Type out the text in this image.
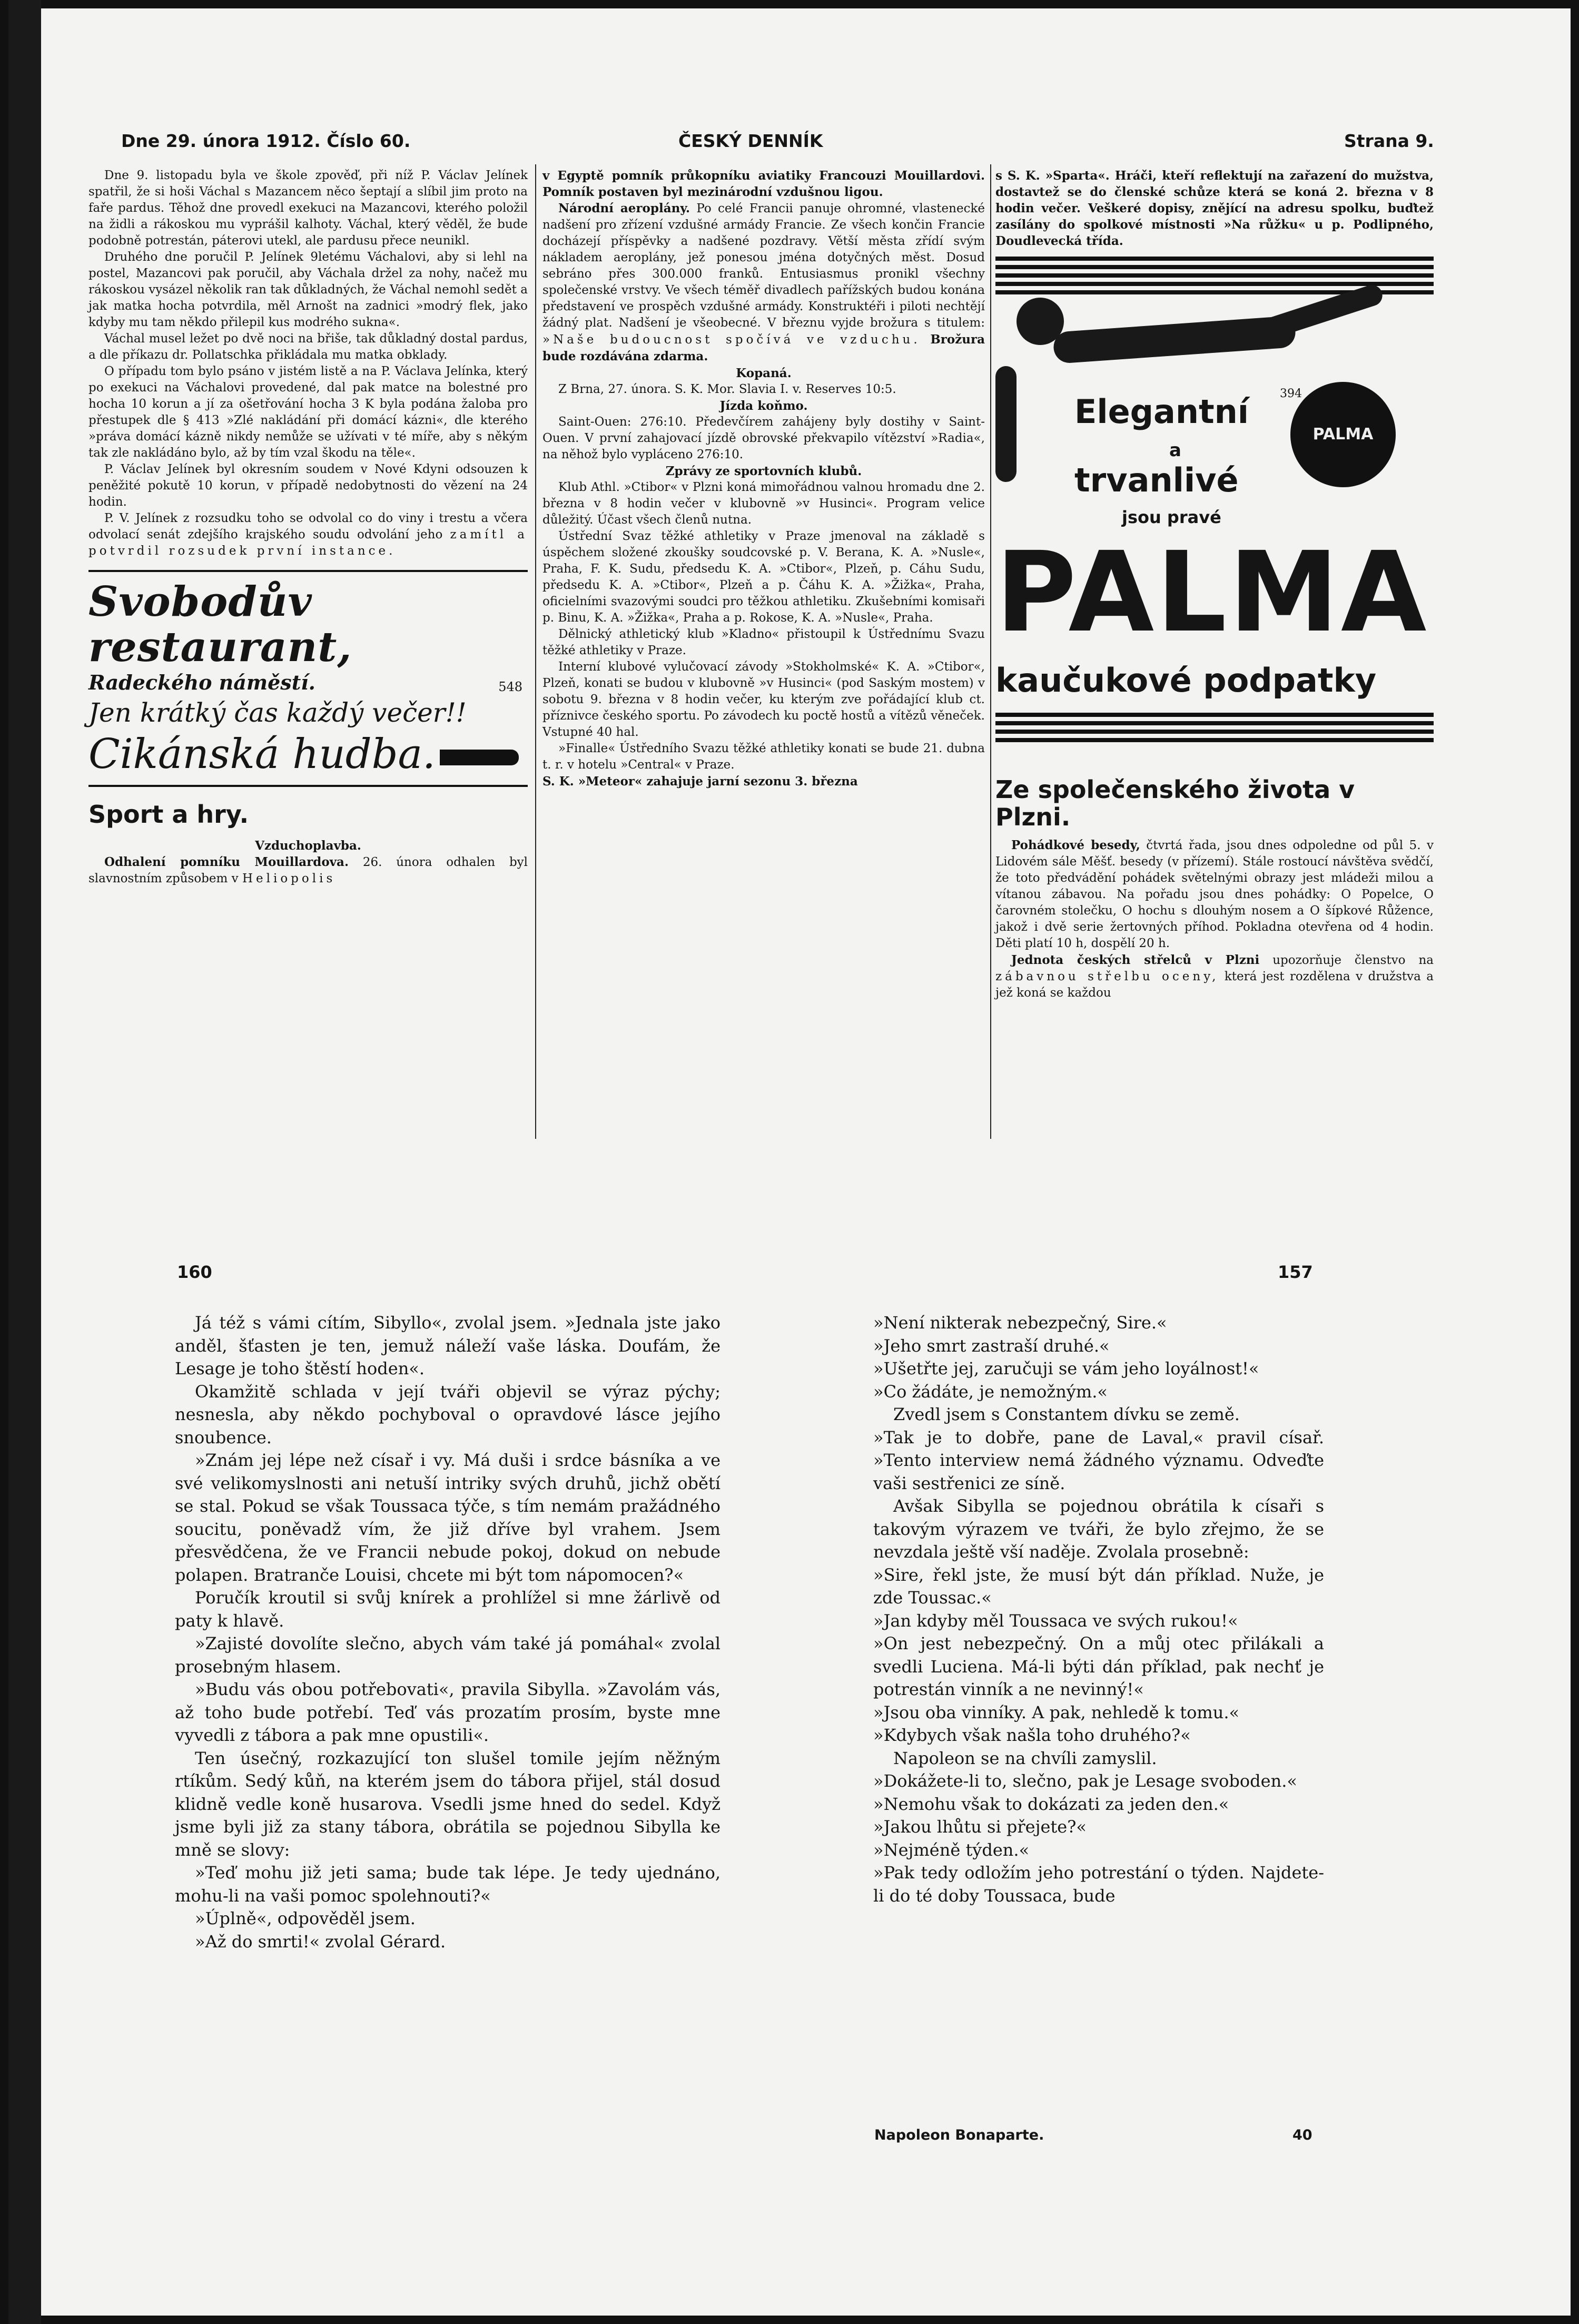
Dne 29. února 1912. Číslo 60.	ČESKÝ DENNÍK	Strana 9.

Dne 9. listopadu byla ve škole zpověď, při níž P. Václav Jelínek spatřil, že si hoši Váchal s Mazancem něco šeptají a slíbil jim proto na faře pardus. Těhož dne provedl exekuci na Mazancovi, kterého položil na židli a rákoskou mu vyprášil kalhoty. Váchal, který věděl, že bude podobně potrestán, páterovi utekl, ale pardusu přece neunikl.

Druhého dne poručil P. Jelínek 9letému Váchalovi, aby si lehl na postel, Mazancovi pak poručil, aby Váchala držel za nohy, načež mu rákoskou vysázel několik ran tak důkladných, že Váchal nemohl sedět a jak matka hocha potvrdila, měl Arnošt na zadnici »modrý flek, jako kdyby mu tam někdo přilepil kus modrého sukna«.

Váchal musel ležet po dvě noci na břiše, tak důkladný dostal pardus, a dle příkazu dr. Pollatschka přikládala mu matka obklady.

O případu tom bylo psáno v jistém listě a na P. Václava Jelínka, který po exekuci na Váchalovi provedené, dal pak matce na bolestné pro hocha 10 korun a jí za ošetřování hocha 3 K byla podána žaloba pro přestupek dle § 413 »Zlé nakládání při domácí kázni«, dle kterého »práva domácí kázně nikdy nemůže se užívati v té míře, aby s někým tak zle nakládáno bylo, až by tím vzal škodu na těle«.

P. Václav Jelínek byl okresním soudem v Nové Kdyni odsouzen k peněžité pokutě 10 korun, v případě nedobytnosti do vězení na 24 hodin.

P. V. Jelínek z rozsudku toho se odvolal co do viny i trestu a včera odvolací senát zdejšího krajského soudu odvolání jeho zamítl a potvrdil rozsudek první instance.

Svobodův restaurant,
Radeckého náměstí.	548
Jen krátký čas každý večer!!
Cikánská hudba.
Sport a hry.
Vzduchoplavba.

Odhalení pomníku Mouillardova. 26. února odhalen byl slavnostním způsobem v Heliopolis

v Egyptě pomník průkopníku aviatiky Francouzi Mouillardovi. Pomník postaven byl mezinárodní vzdušnou ligou.

Národní aeroplány. Po celé Francii panuje ohromné, vlastenecké nadšení pro zřízení vzdušné armády Francie. Ze všech končin Francie docházejí příspěvky a nadšené pozdravy. Větší města zřídí svým nákladem aeroplány, jež ponesou jména dotyčných měst. Dosud sebráno přes 300.000 franků. Entusiasmus pronikl všechny společenské vrstvy. Ve všech téměř divadlech pařížských budou konána představení ve prospěch vzdušné armády. Konstruktéři i piloti nechtějí žádný plat. Nadšení je všeobecné. V březnu vyjde brožura s titulem: »Naše budoucnost spočívá ve vzduchu. Brožura bude rozdávána zdarma.

Kopaná.

Z Brna, 27. února. S. K. Mor. Slavia I. v. Reserves 10:5.

Jízda koňmo.

Saint-Ouen: 276:10. Předevčírem zahájeny byly dostihy v Saint-Ouen. V první zahajovací jízdě obrovské překvapilo vítězství »Radia«, na něhož bylo vypláceno 276:10.

Zprávy ze sportovních klubů.

Klub Athl. »Ctibor« v Plzni koná mimořádnou valnou hromadu dne 2. března v 8 hodin večer v klubovně »v Husinci«. Program velice důležitý. Účast všech členů nutna.

Ústřední Svaz těžké athletiky v Praze jmenoval na základě s úspěchem složené zkoušky soudcovské p. V. Berana, K. A. »Nusle«, Praha, F. K. Sudu, předsedu K. A. »Ctibor«, Plzeň, p. Cáhu Sudu, předsedu K. A. »Ctibor«, Plzeň a p. Čáhu K. A. »Žižka«, Praha, oficielními svazovými soudci pro těžkou athletiku. Zkušebními komisaři p. Binu, K. A. »Žižka«, Praha a p. Rokose, K. A. »Nusle«, Praha.

Dělnický athletický klub »Kladno« přistoupil k Ústřednímu Svazu těžké athletiky v Praze.

Interní klubové vylučovací závody »Stokholmské« K. A. »Ctibor«, Plzeň, konati se budou v klubovně »v Husinci« (pod Saským mostem) v sobotu 9. března v 8 hodin večer, ku kterým zve pořádající klub ct. příznivce českého sportu. Po závodech ku poctě hostů a vítězů věneček. Vstupné 40 hal.

»Finalle« Ústředního Svazu těžké athletiky konati se bude 21. dubna t. r. v hotelu »Central« v Praze.

S. K. »Meteor« zahajuje jarní sezonu 3. března

s S. K. »Sparta«. Hráči, kteří reflektují na zařazení do mužstva, dostavtež se do členské schůze která se koná 2. března v 8 hodin večer. Veškeré dopisy, znějící na adresu spolku, buďtež zasílány do spolkové místnosti »Na růžku« u p. Podlipného, Doudlevecká třída.

Elegantní
a
trvanlivé
jsou pravé
PALMA
394
PALMA
kaučukové podpatky
Ze společenského života v Plzni.

Pohádkové besedy, čtvrtá řada, jsou dnes odpoledne od půl 5. v Lidovém sále Měšť. besedy (v přízemí). Stále rostoucí návštěva svědčí, že toto předvádění pohádek světelnými obrazy jest mládeži milou a vítanou zábavou. Na pořadu jsou dnes pohádky: O Popelce, O čarovném stolečku, O hochu s dlouhým nosem a O šípkové Růžence, jakož i dvě serie žertovných příhod. Pokladna otevřena od 4 hodin. Děti platí 10 h, dospělí 20 h.

Jednota českých střelců v Plzni upozorňuje členstvo na zábavnou střelbu oceny, která jest rozdělena v družstva a jež koná se každou

160	157

Já též s vámi cítím, Sibyllo«, zvolal jsem. »Jednala jste jako anděl, šťasten je ten, jemuž náleží vaše láska. Doufám, že Lesage je toho štěstí hoden«.

Okamžitě schlada v její tváři objevil se výraz pýchy; nesnesla, aby někdo pochyboval o opravdové lásce jejího snoubence.

»Znám jej lépe než císař i vy. Má duši i srdce básníka a ve své velikomyslnosti ani netuší intriky svých druhů, jichž obětí se stal. Pokud se však Toussaca týče, s tím nemám pražádného soucitu, poněvadž vím, že již dříve byl vrahem. Jsem přesvědčena, že ve Francii nebude pokoj, dokud on nebude polapen. Bratranče Louisi, chcete mi být tom nápomocen?«

Poručík kroutil si svůj knírek a prohlížel si mne žárlivě od paty k hlavě.

»Zajisté dovolíte slečno, abych vám také já pomáhal« zvolal prosebným hlasem.

»Budu vás obou potřebovati«, pravila Sibylla. »Zavolám vás, až toho bude potřebí. Teď vás prozatím prosím, byste mne vyvedli z tábora a pak mne opustili«.

Ten úsečný, rozkazující ton slušel tomile jejím něžným rtíkům. Sedý kůň, na kterém jsem do tábora přijel, stál dosud klidně vedle koně husarova. Vsedli jsme hned do sedel. Když jsme byli již za stany tábora, obrátila se pojednou Sibylla ke mně se slovy:

»Teď mohu již jeti sama; bude tak lépe. Je tedy ujednáno, mohu-li na vaši pomoc spolehnouti?«

»Úplně«, odpověděl jsem.

»Až do smrti!« zvolal Gérard.

»Není nikterak nebezpečný, Sire.«

»Jeho smrt zastraší druhé.«

»Ušetřte jej, zaručuji se vám jeho loyálnost!«

»Co žádáte, je nemožným.«

Zvedl jsem s Constantem dívku se země.

»Tak je to dobře, pane de Laval,« pravil císař. »Tento interview nemá žádného významu. Odveďte vaši sestřenici ze síně.

Avšak Sibylla se pojednou obrátila k císaři s takovým výrazem ve tváři, že bylo zřejmo, že se nevzdala ještě vší naděje. Zvolala prosebně:

»Sire, řekl jste, že musí být dán příklad. Nuže, je zde Toussac.«

»Jan kdyby měl Toussaca ve svých rukou!«

»On jest nebezpečný. On a můj otec přilákali a svedli Luciena. Má-li býti dán příklad, pak nechť je potrestán vinník a ne nevinný!«

»Jsou oba vinníky. A pak, nehledě k tomu.«

»Kdybych však našla toho druhého?«

Napoleon se na chvíli zamyslil.

»Dokážete-li to, slečno, pak je Lesage svoboden.«

»Nemohu však to dokázati za jeden den.«

»Jakou lhůtu si přejete?«

»Nejméně týden.«

»Pak tedy odložím jeho potrestání o týden. Najdete-li do té doby Toussaca, bude

Napoleon Bonaparte.	40
